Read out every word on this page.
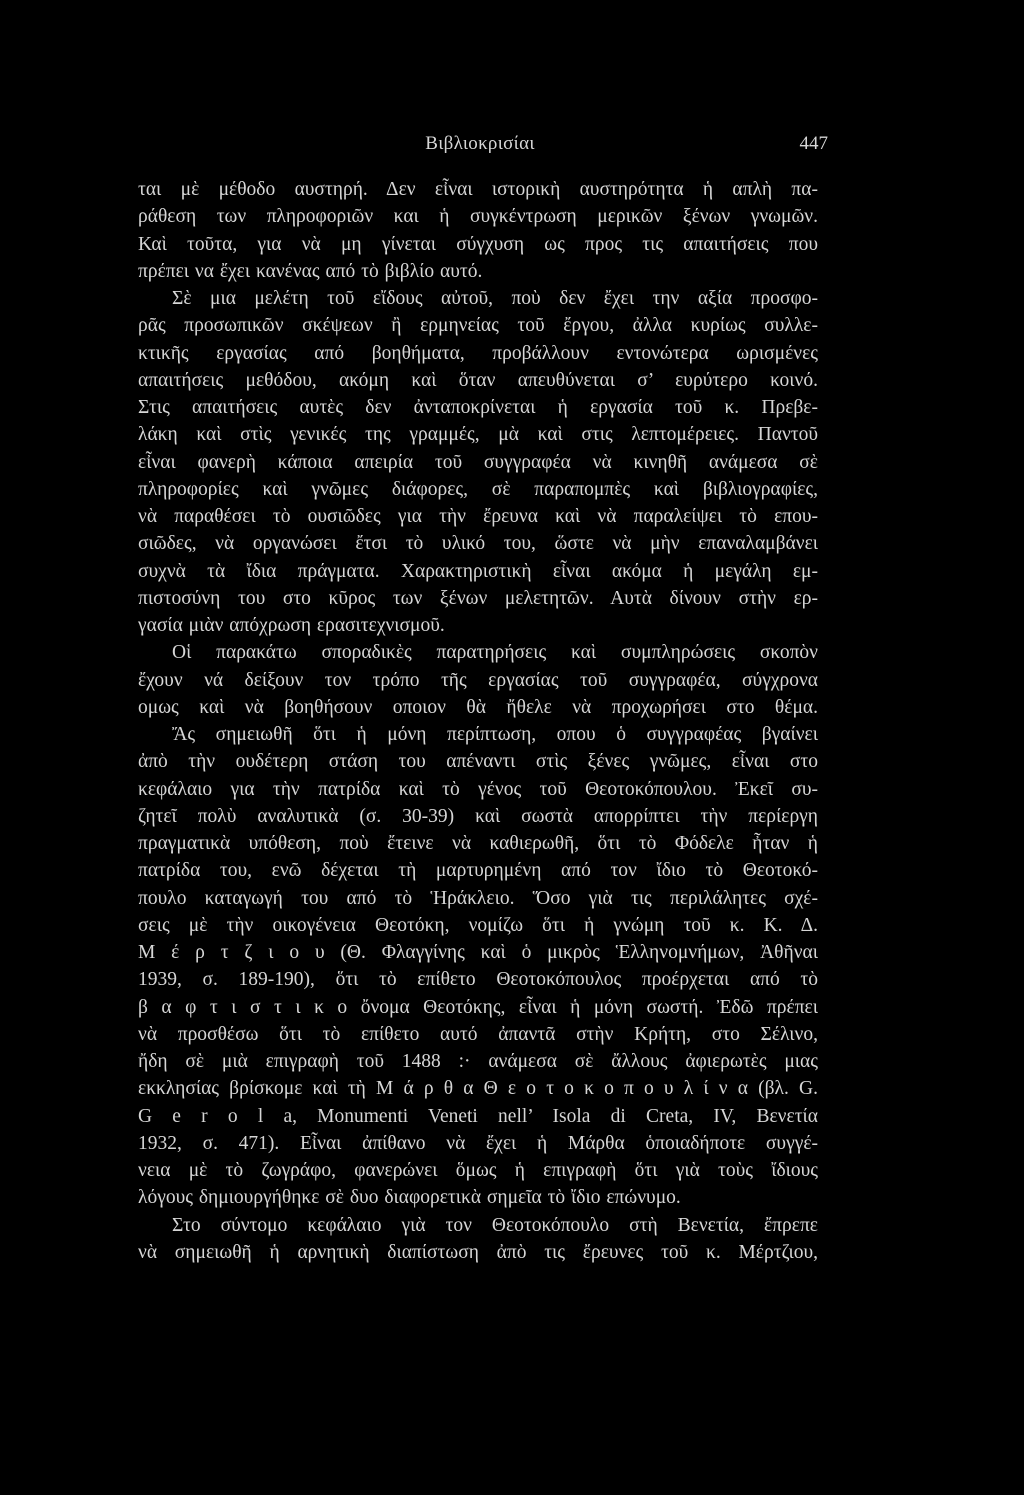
Βιβλιοκρισίαι	447
ται μὲ μέθοδο αυστηρή. Δεν εἶναι ιστορικὴ αυστηρότητα ἡ απλὴ πα-
ράθεση των πληροφοριῶν και ἡ συγκέντρωση μερικῶν ξένων γνωμῶν.
Καὶ τοῦτα, για νὰ μη γίνεται σύγχυση ως προς τις απαιτήσεις που
πρέπει να ἔχει κανένας από τὸ βιβλίο αυτό.
Σὲ μια μελέτη τοῦ εἴδους αὐτοῦ, ποὺ δεν ἔχει την αξία προσφο-
ρᾶς προσωπικῶν σκέψεων ἢ ερμηνείας τοῦ ἔργου, ἀλλα κυρίως συλλε-
κτικῆς εργασίας από βοηθήματα, προβάλλουν εντονώτερα ωρισμένες
απαιτήσεις μεθόδου, ακόμη καὶ ὅταν απευθύνεται σ’ ευρύτερο κοινό.
Στις απαιτήσεις αυτὲς δεν ἀνταποκρίνεται ἡ εργασία τοῦ κ. Πρεβε-
λάκη καὶ στὶς γενικές της γραμμές, μὰ καὶ στις λεπτομέρειες. Παντοῦ
εἶναι φανερὴ κάποια απειρία τοῦ συγγραφέα νὰ κινηθῆ ανάμεσα σὲ
πληροφορίες καὶ γνῶμες διάφορες, σὲ παραπομπὲς καὶ βιβλιογραφίες,
νὰ παραθέσει τὸ ουσιῶδες για τὴν ἔρευνα καὶ νὰ παραλείψει τὸ επου-
σιῶδες, νὰ οργανώσει ἔτσι τὸ υλικό του, ὥστε νὰ μὴν επαναλαμβάνει
συχνὰ τὰ ἴδια πράγματα. Χαρακτηριστικὴ εἶναι ακόμα ἡ μεγάλη εμ-
πιστοσύνη του στο κῦρος των ξένων μελετητῶν. Αυτὰ δίνουν στὴν ερ-
γασία μιὰν απόχρωση ερασιτεχνισμοῦ.
Οἱ παρακάτω σποραδικὲς παρατηρήσεις καὶ συμπληρώσεις σκοπὸν
ἔχουν νά δείξουν τον τρόπο τῆς εργασίας τοῦ συγγραφέα, σύγχρονα
ομως καὶ νὰ βοηθήσουν οποιον θὰ ἤθελε νὰ προχωρήσει στο θέμα.
Ἄς σημειωθῆ ὅτι ἡ μόνη περίπτωση, οπου ὁ συγγραφέας βγαίνει
ἀπὸ τὴν ουδέτερη στάση του απέναντι στὶς ξένες γνῶμες, εἶναι στο
κεφάλαιο για τὴν πατρίδα καὶ τὸ γένος τοῦ Θεοτοκόπουλου. Ἐκεῖ συ-
ζητεῖ πολὺ αναλυτικὰ (σ. 30-39) καὶ σωστὰ απορρίπτει τὴν περίεργη
πραγματικὰ υπόθεση, ποὺ ἔτεινε νὰ καθιερωθῆ, ὅτι τὸ Φόδελε ἦταν ἡ
πατρίδα του, ενῶ δέχεται τὴ μαρτυρημένη από τον ἴδιο τὸ Θεοτοκό-
πουλο καταγωγή του από τὸ Ἡράκλειο. Ὅσο γιὰ τις περιλάλητες σχέ-
σεις μὲ τὴν οικογένεια Θεοτόκη, νομίζω ὅτι ἡ γνώμη τοῦ κ. Κ. Δ.
Μ έ ρ τ ζ ι ο υ (Θ. Φλαγγίνης καὶ ὁ μικρὸς Ἑλληνομνήμων, Ἀθῆναι
1939, σ. 189-190), ὅτι τὸ επίθετο Θεοτοκόπουλος προέρχεται από τὸ
β α φ τ ι σ τ ι κ ο ὄνομα Θεοτόκης, εἶναι ἡ μόνη σωστή. Ἐδῶ πρέπει
νὰ προσθέσω ὅτι τὸ επίθετο αυτό ἀπαντᾶ στὴν Κρήτη, στο Σέλινο,
ἤδη σὲ μιὰ επιγραφὴ τοῦ 1488 :· ανάμεσα σὲ ἄλλους ἀφιερωτὲς μιας
εκκλησίας βρίσκομε καὶ τὴ Μ ά ρ θ α Θ ε ο τ ο κ ο π ο υ λ ί ν α (βλ. G.
G e r o l a, Monumenti Veneti nell’ Isola di Creta, IV, Βενετία
1932, σ. 471). Εἶναι ἀπίθανο νὰ ἔχει ἡ Μάρθα ὁποιαδήποτε συγγέ-
νεια μὲ τὸ ζωγράφο, φανερώνει ὅμως ἡ επιγραφὴ ὅτι γιὰ τοὺς ἴδιους
λόγους δημιουργήθηκε σὲ δυο διαφορετικὰ σημεῖα τὸ ἴδιο επώνυμο.
Στο σύντομο κεφάλαιο γιὰ τον Θεοτοκόπουλο στὴ Βενετία, ἔπρεπε
νὰ σημειωθῆ ἡ αρνητικὴ διαπίστωση ἀπὸ τις ἔρευνες τοῦ κ. Μέρτζιου,
